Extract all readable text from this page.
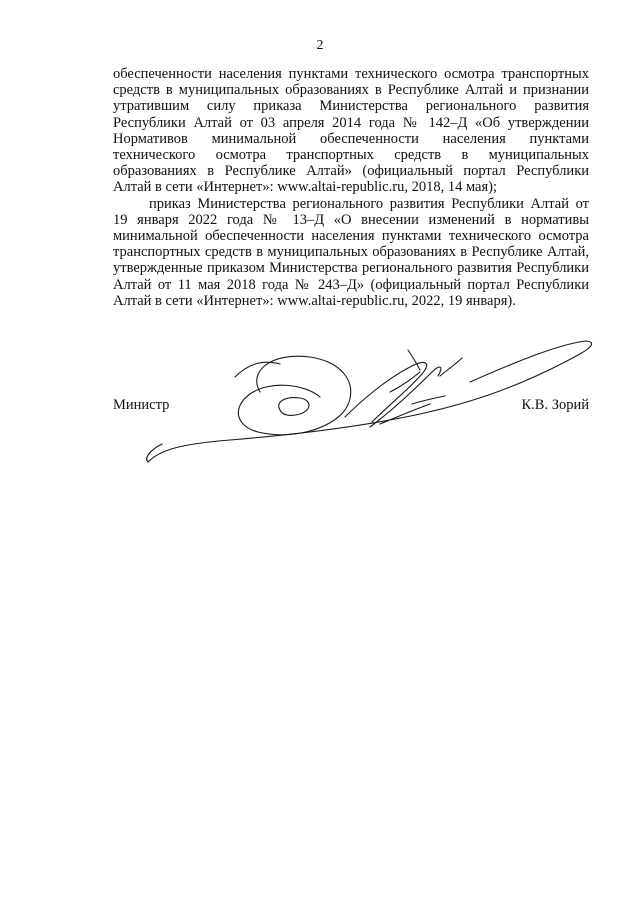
2

обеспеченности населения пунктами технического осмотра транспортных средств в муниципальных образованиях в Республике Алтай и признании утратившим силу приказа Министерства регионального развития Республики Алтай от 03 апреля 2014 года № 142–Д «Об утверждении Нормативов минимальной обеспеченности населения пунктами технического осмотра транспортных средств в муниципальных образованиях в Республике Алтай» (официальный портал Республики Алтай в сети «Интернет»: www.altai-republic.ru, 2018, 14 мая);

приказ Министерства регионального развития Республики Алтай от 19 января 2022 года № 13–Д «О внесении изменений в нормативы минимальной обеспеченности населения пунктами технического осмотра транспортных средств в муниципальных образованиях в Республике Алтай, утвержденные приказом Министерства регионального развития Республики Алтай от 11 мая 2018 года № 243–Д» (официальный портал Республики Алтай в сети «Интернет»: www.altai-republic.ru, 2022, 19 января).

Министр	К.В. Зорий
